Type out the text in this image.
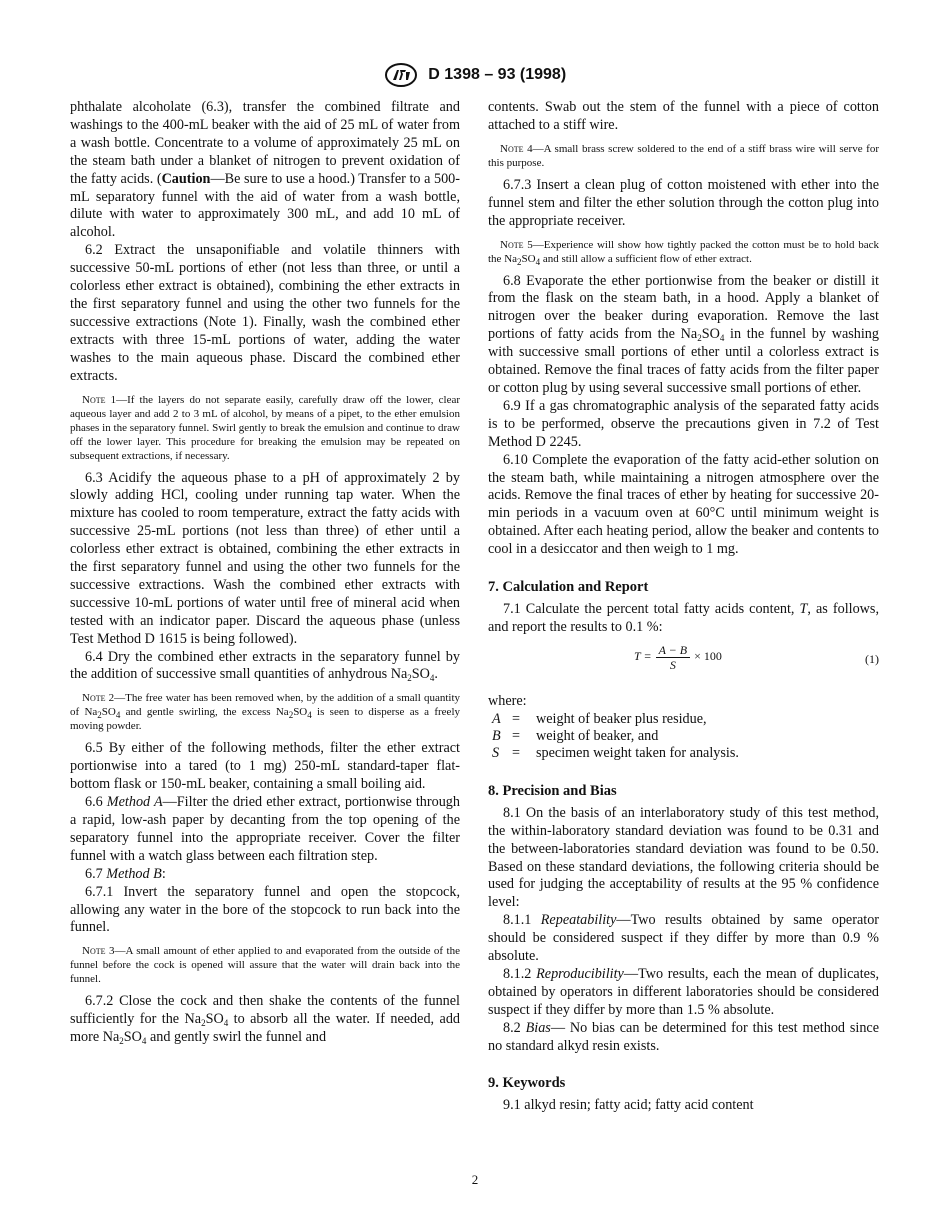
D 1398 – 93 (1998)

phthalate alcoholate (6.3), transfer the combined filtrate and washings to the 400-mL beaker with the aid of 25 mL of water from a wash bottle. Concentrate to a volume of approximately 25 mL on the steam bath under a blanket of nitrogen to prevent oxidation of the fatty acids. (Caution—Be sure to use a hood.) Transfer to a 500-mL separatory funnel with the aid of water from a wash bottle, dilute with water to approximately 300 mL, and add 10 mL of alcohol.

6.2 Extract the unsaponifiable and volatile thinners with successive 50-mL portions of ether (not less than three, or until a colorless ether extract is obtained), combining the ether extracts in the first separatory funnel and using the other two funnels for the successive extractions (Note 1). Finally, wash the combined ether extracts with three 15-mL portions of water, adding the water washes to the main aqueous phase. Discard the combined ether extracts.

Note 1—If the layers do not separate easily, carefully draw off the lower, clear aqueous layer and add 2 to 3 mL of alcohol, by means of a pipet, to the ether emulsion phases in the separatory funnel. Swirl gently to break the emulsion and continue to draw off the lower layer. This procedure for breaking the emulsion may be repeated on subsequent extractions, if necessary.

6.3 Acidify the aqueous phase to a pH of approximately 2 by slowly adding HCl, cooling under running tap water. When the mixture has cooled to room temperature, extract the fatty acids with successive 25-mL portions (not less than three) of ether until a colorless ether extract is obtained, combining the ether extracts in the first separatory funnel and using the other two funnels for the successive extractions. Wash the combined ether extracts with successive 10-mL portions of water until free of mineral acid when tested with an indicator paper. Discard the aqueous phase (unless Test Method D 1615 is being followed).

6.4 Dry the combined ether extracts in the separatory funnel by the addition of successive small quantities of anhydrous $Na_2SO_4$.

Note 2—The free water has been removed when, by the addition of a small quantity of $Na_2SO_4$ and gentle swirling, the excess $Na_2SO_4$ is seen to disperse as a freely moving powder.

6.5 By either of the following methods, filter the ether extract portionwise into a tared (to 1 mg) 250-mL standard-taper flat-bottom flask or 150-mL beaker, containing a small boiling aid.

6.6 Method A—Filter the dried ether extract, portionwise through a rapid, low-ash paper by decanting from the top opening of the separatory funnel into the appropriate receiver. Cover the filter funnel with a watch glass between each filtration step.

6.7 Method B:

6.7.1 Invert the separatory funnel and open the stopcock, allowing any water in the bore of the stopcock to run back into the funnel.

Note 3—A small amount of ether applied to and evaporated from the outside of the funnel before the cock is opened will assure that the water will drain back into the funnel.

6.7.2 Close the cock and then shake the contents of the funnel sufficiently for the $Na_2SO_4$ to absorb all the water. If needed, add more $Na_2SO_4$ and gently swirl the funnel and

contents. Swab out the stem of the funnel with a piece of cotton attached to a stiff wire.

Note 4—A small brass screw soldered to the end of a stiff brass wire will serve for this purpose.

6.7.3 Insert a clean plug of cotton moistened with ether into the funnel stem and filter the ether solution through the cotton plug into the appropriate receiver.

Note 5—Experience will show how tightly packed the cotton must be to hold back the $Na_2SO_4$ and still allow a sufficient flow of ether extract.

6.8 Evaporate the ether portionwise from the beaker or distill it from the flask on the steam bath, in a hood. Apply a blanket of nitrogen over the beaker during evaporation. Remove the last portions of fatty acids from the $Na_2SO_4$ in the funnel by washing with successive small portions of ether until a colorless extract is obtained. Remove the final traces of fatty acids from the filter paper or cotton plug by using several successive small portions of ether.

6.9 If a gas chromatographic analysis of the separated fatty acids is to be performed, observe the precautions given in 7.2 of Test Method D 2245.

6.10 Complete the evaporation of the fatty acid-ether solution on the steam bath, while maintaining a nitrogen atmosphere over the acids. Remove the final traces of ether by heating for successive 20-min periods in a vacuum oven at 60°C until minimum weight is obtained. After each heating period, allow the beaker and contents to cool in a desiccator and then weigh to 1 mg.

7. Calculation and Report

7.1 Calculate the percent total fatty acids content, T, as follows, and report the results to 0.1 %:

$T = \frac{A - B}{S} \times 100$	(1)

where:

A =	weight of beaker plus residue,
B =	weight of beaker, and
S =	specimen weight taken for analysis.

8. Precision and Bias

8.1 On the basis of an interlaboratory study of this test method, the within-laboratory standard deviation was found to be 0.31 and the between-laboratories standard deviation was found to be 0.50. Based on these standard deviations, the following criteria should be used for judging the acceptability of results at the 95 % confidence level:

8.1.1 Repeatability—Two results obtained by same operator should be considered suspect if they differ by more than 0.9 % absolute.

8.1.2 Reproducibility—Two results, each the mean of duplicates, obtained by operators in different laboratories should be considered suspect if they differ by more than 1.5 % absolute.

8.2 Bias— No bias can be determined for this test method since no standard alkyd resin exists.

9. Keywords

9.1 alkyd resin; fatty acid; fatty acid content

2
